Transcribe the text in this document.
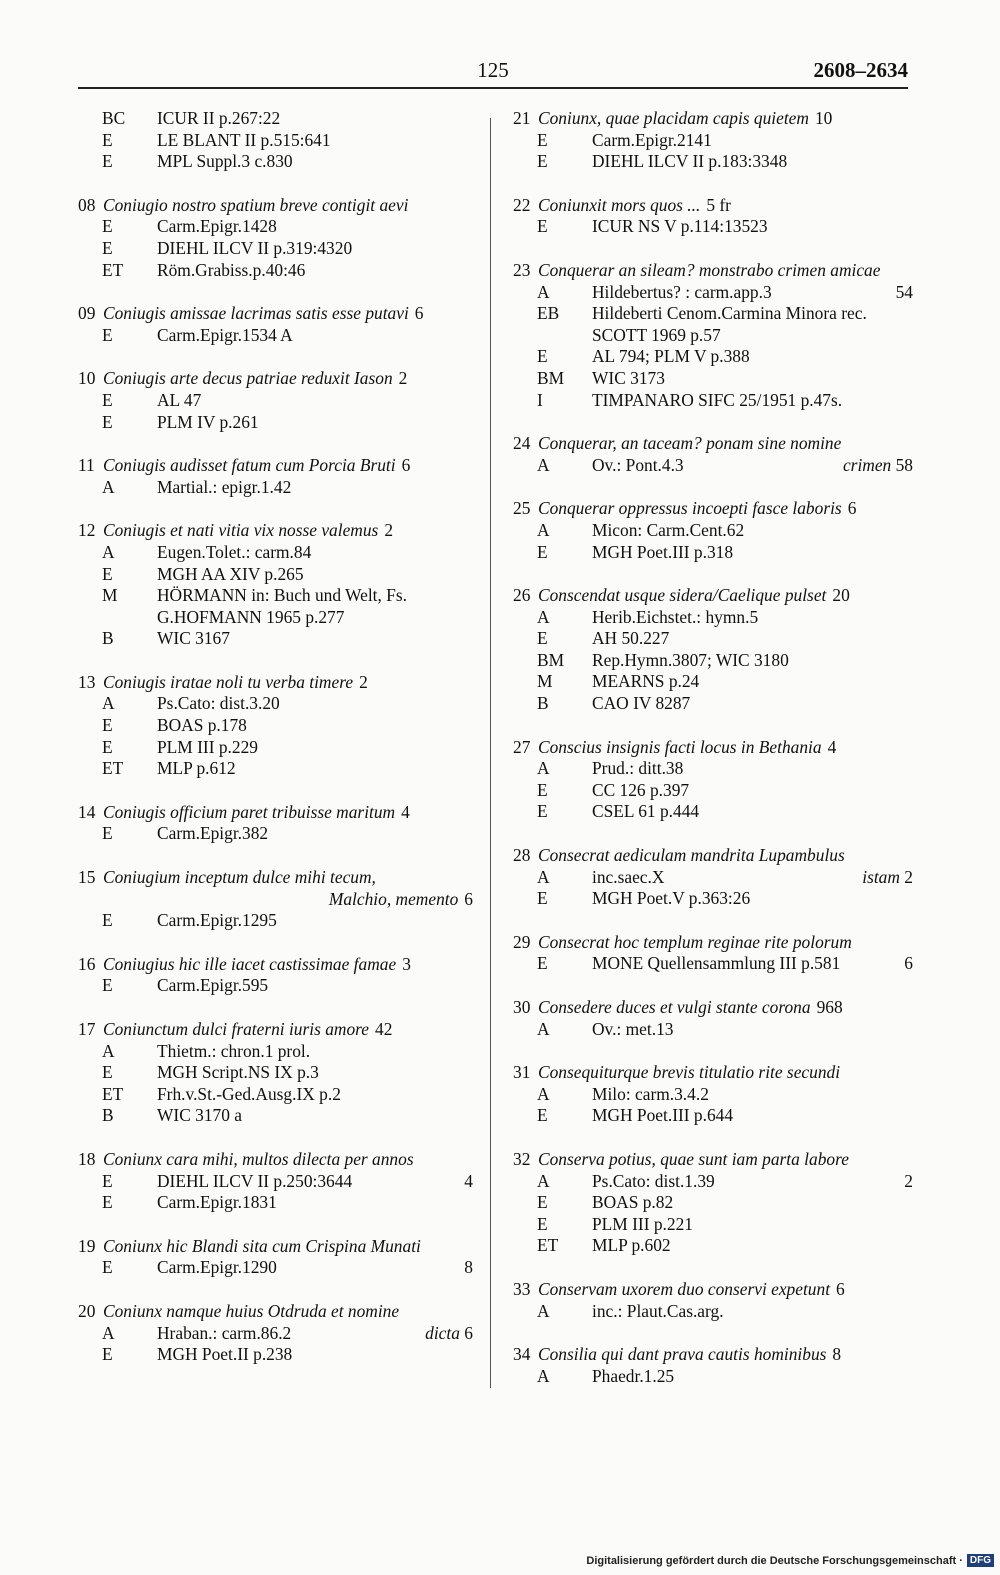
125	2608–2634
BC ICUR II p.267:22
E	LE BLANT II p.515:641
E	MPL Suppl.3 c.830
08 Coniugio nostro spatium breve contigit aevi
E	Carm.Epigr.1428
E	DIEHL ILCV II p.319:4320
ET Röm.Grabiss.p.40:46
09 Coniugis amissae lacrimas satis esse putavi 6
E	Carm.Epigr.1534 A
10 Coniugis arte decus patriae reduxit Iason 2
E	AL 47
E	PLM IV p.261
11 Coniugis audisset fatum cum Porcia Bruti 6
A Martial.: epigr.1.42
12 Coniugis et nati vitia vix nosse valemus 2
A Eugen.Tolet.: carm.84
E	MGH AA XIV p.265
M HÖRMANN in: Buch und Welt, Fs. G.HOFMANN 1965 p.277
B WIC 3167
13 Coniugis iratae noli tu verba timere 2
A Ps.Cato: dist.3.20
E	BOAS p.178
E	PLM III p.229
ET MLP p.612
14 Coniugis officium paret tribuisse maritum 4
E	Carm.Epigr.382
15 Coniugium inceptum dulce mihi tecum,
Malchio, memento 6
E	Carm.Epigr.1295
16 Coniugius hic ille iacet castissimae famae 3
E	Carm.Epigr.595
17 Coniunctum dulci fraterni iuris amore 42
A Thietm.: chron.1 prol.
E	MGH Script.NS IX p.3
ET Frh.v.St.-Ged.Ausg.IX p.2
B WIC 3170 a
18 Coniunx cara mihi, multos dilecta per annos
E	DIEHL ILCV II p.250:3644	4
E	Carm.Epigr.1831
19 Coniunx hic Blandi sita cum Crispina Munati
E	Carm.Epigr.1290	8
20 Coniunx namque huius Otdruda et nomine
A Hraban.: carm.86.2	dicta 6
E	MGH Poet.II p.238
21 Coniunx, quae placidam capis quietem 10
E	Carm.Epigr.2141
E	DIEHL ILCV II p.183:3348
22 Coniunxit mors quos ... 5 fr
E	ICUR NS V p.114:13523
23 Conquerar an sileam? monstrabo crimen amicae
A Hildebertus? : carm.app.3	54
EB Hildeberti Cenom.Carmina Minora rec. SCOTT 1969 p.57
E	AL 794; PLM V p.388
BM WIC 3173
I	TIMPANARO SIFC 25/1951 p.47s.
24 Conquerar, an taceam? ponam sine nomine
A Ov.: Pont.4.3	crimen 58
25 Conquerar oppressus incoepti fasce laboris 6
A Micon: Carm.Cent.62
E	MGH Poet.III p.318
26 Conscendat usque sidera/Caelique pulset 20
A Herib.Eichstet.: hymn.5
E	AH 50.227
BM Rep.Hymn.3807; WIC 3180
M MEARNS p.24
B CAO IV 8287
27 Conscius insignis facti locus in Bethania 4
A Prud.: ditt.38
E	CC 126 p.397
E	CSEL 61 p.444
28 Consecrat aediculam mandrita Lupambulus
A inc.saec.X	istam 2
E	MGH Poet.V p.363:26
29 Consecrat hoc templum reginae rite polorum
E	MONE Quellensammlung III p.581	6
30 Consedere duces et vulgi stante corona 968
A Ov.: met.13
31 Consequiturque brevis titulatio rite secundi
A Milo: carm.3.4.2
E	MGH Poet.III p.644
32 Conserva potius, quae sunt iam parta labore
A Ps.Cato: dist.1.39	2
E	BOAS p.82
E	PLM III p.221
ET MLP p.602
33 Conservam uxorem duo conservi expetunt 6
A inc.: Plaut.Cas.arg.
34 Consilia qui dant prava cautis hominibus 8
A Phaedr.1.25
Digitalisierung gefördert durch die Deutsche Forschungsgemeinschaft · DFG
